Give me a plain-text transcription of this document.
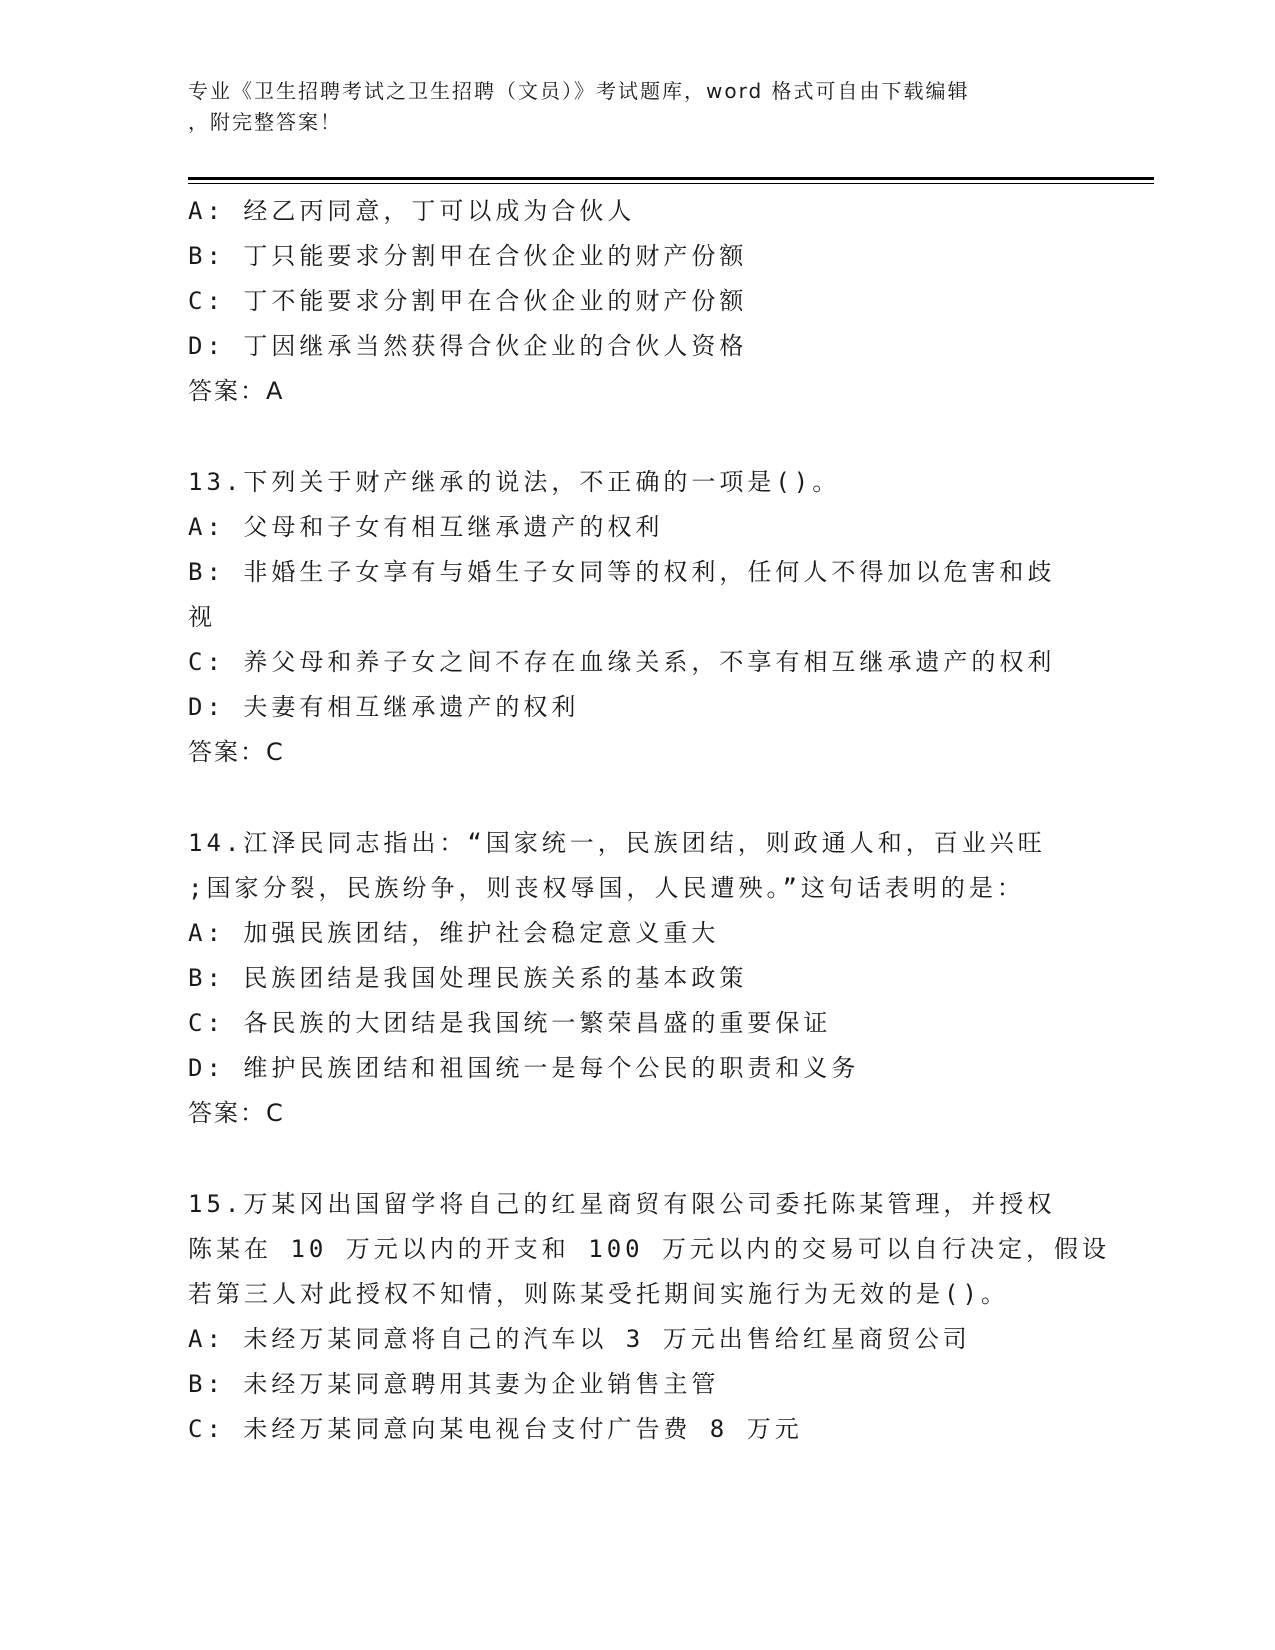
专业《卫生招聘考试之卫生招聘（文员）》考试题库，word 格式可自由下载编辑
，附完整答案！
A: 经乙丙同意，丁可以成为合伙人
B: 丁只能要求分割甲在合伙企业的财产份额
C: 丁不能要求分割甲在合伙企业的财产份额
D: 丁因继承当然获得合伙企业的合伙人资格
答案：A
13.下列关于财产继承的说法，不正确的一项是()。
A: 父母和子女有相互继承遗产的权利
B: 非婚生子女享有与婚生子女同等的权利，任何人不得加以危害和歧
视
C: 养父母和养子女之间不存在血缘关系，不享有相互继承遗产的权利
D: 夫妻有相互继承遗产的权利
答案：C
14.江泽民同志指出：“国家统一，民族团结，则政通人和，百业兴旺
;国家分裂，民族纷争，则丧权辱国，人民遭殃。”这句话表明的是：
A: 加强民族团结，维护社会稳定意义重大
B: 民族团结是我国处理民族关系的基本政策
C: 各民族的大团结是我国统一繁荣昌盛的重要保证
D: 维护民族团结和祖国统一是每个公民的职责和义务
答案：C
15.万某冈出国留学将自己的红星商贸有限公司委托陈某管理，并授权
陈某在 10 万元以内的开支和 100 万元以内的交易可以自行决定，假设
若第三人对此授权不知情，则陈某受托期间实施行为无效的是()。
A: 未经万某同意将自己的汽车以 3 万元出售给红星商贸公司
B: 未经万某同意聘用其妻为企业销售主管
C: 未经万某同意向某电视台支付广告费 8 万元
